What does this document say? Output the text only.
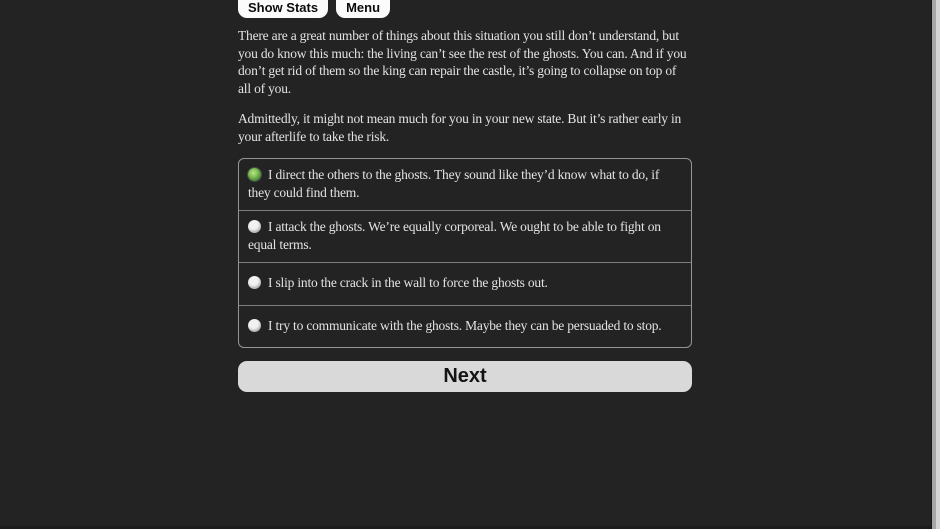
Show Stats	Menu

There are a great number of things about this situation you still don’t understand, but you do know this much: the living can’t see the rest of the ghosts. You can. And if you don’t get rid of them so the king can repair the castle, it’s going to collapse on top of all of you.

Admittedly, it might not mean much for you in your new state. But it’s rather early in your afterlife to take the risk.

I direct the others to the ghosts. They sound like they’d know what to do, if they could find them.
I attack the ghosts. We’re equally corporeal. We ought to be able to fight on equal terms.
I slip into the crack in the wall to force the ghosts out.
I try to communicate with the ghosts. Maybe they can be persuaded to stop.
Next
